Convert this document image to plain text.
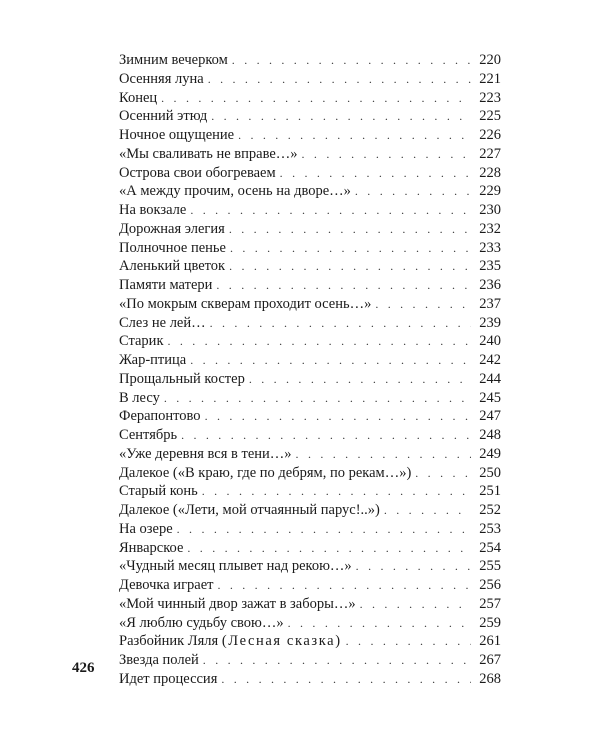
Зимним вечерком . . .	220
Осенняя луна . . .	221
Конец . . .	223
Осенний этюд . . .	225
Ночное ощущение . . .	226
«Мы сваливать не вправе…» . . .	227
Острова свои обогреваем . . .	228
«А между прочим, осень на дворе…» . . .	229
На вокзале . . .	230
Дорожная элегия . . .	232
Полночное пенье . . .	233
Аленький цветок . . .	235
Памяти матери . . .	236
«По мокрым скверам проходит осень…» . . .	237
Слез не лей… . . .	239
Старик . . .	240
Жар-птица . . .	242
Прощальный костер . . .	244
В лесу . . .	245
Ферапонтово . . .	247
Сентябрь . . .	248
«Уже деревня вся в тени…» . . .	249
Далекое («В краю, где по дебрям, по рекам…») . . .	250
Старый конь . . .	251
Далекое («Лети, мой отчаянный парус!..») . . .	252
На озере . . .	253
Январское . . .	254
«Чудный месяц плывет над рекою…» . . .	255
Девочка играет . . .	256
«Мой чинный двор зажат в заборы…» . . .	257
«Я люблю судьбу свою…» . . .	259
Разбойник Ляля (Лесная сказка) . . .	261
Звезда полей . . .	267
Идет процессия . . .	268
426
